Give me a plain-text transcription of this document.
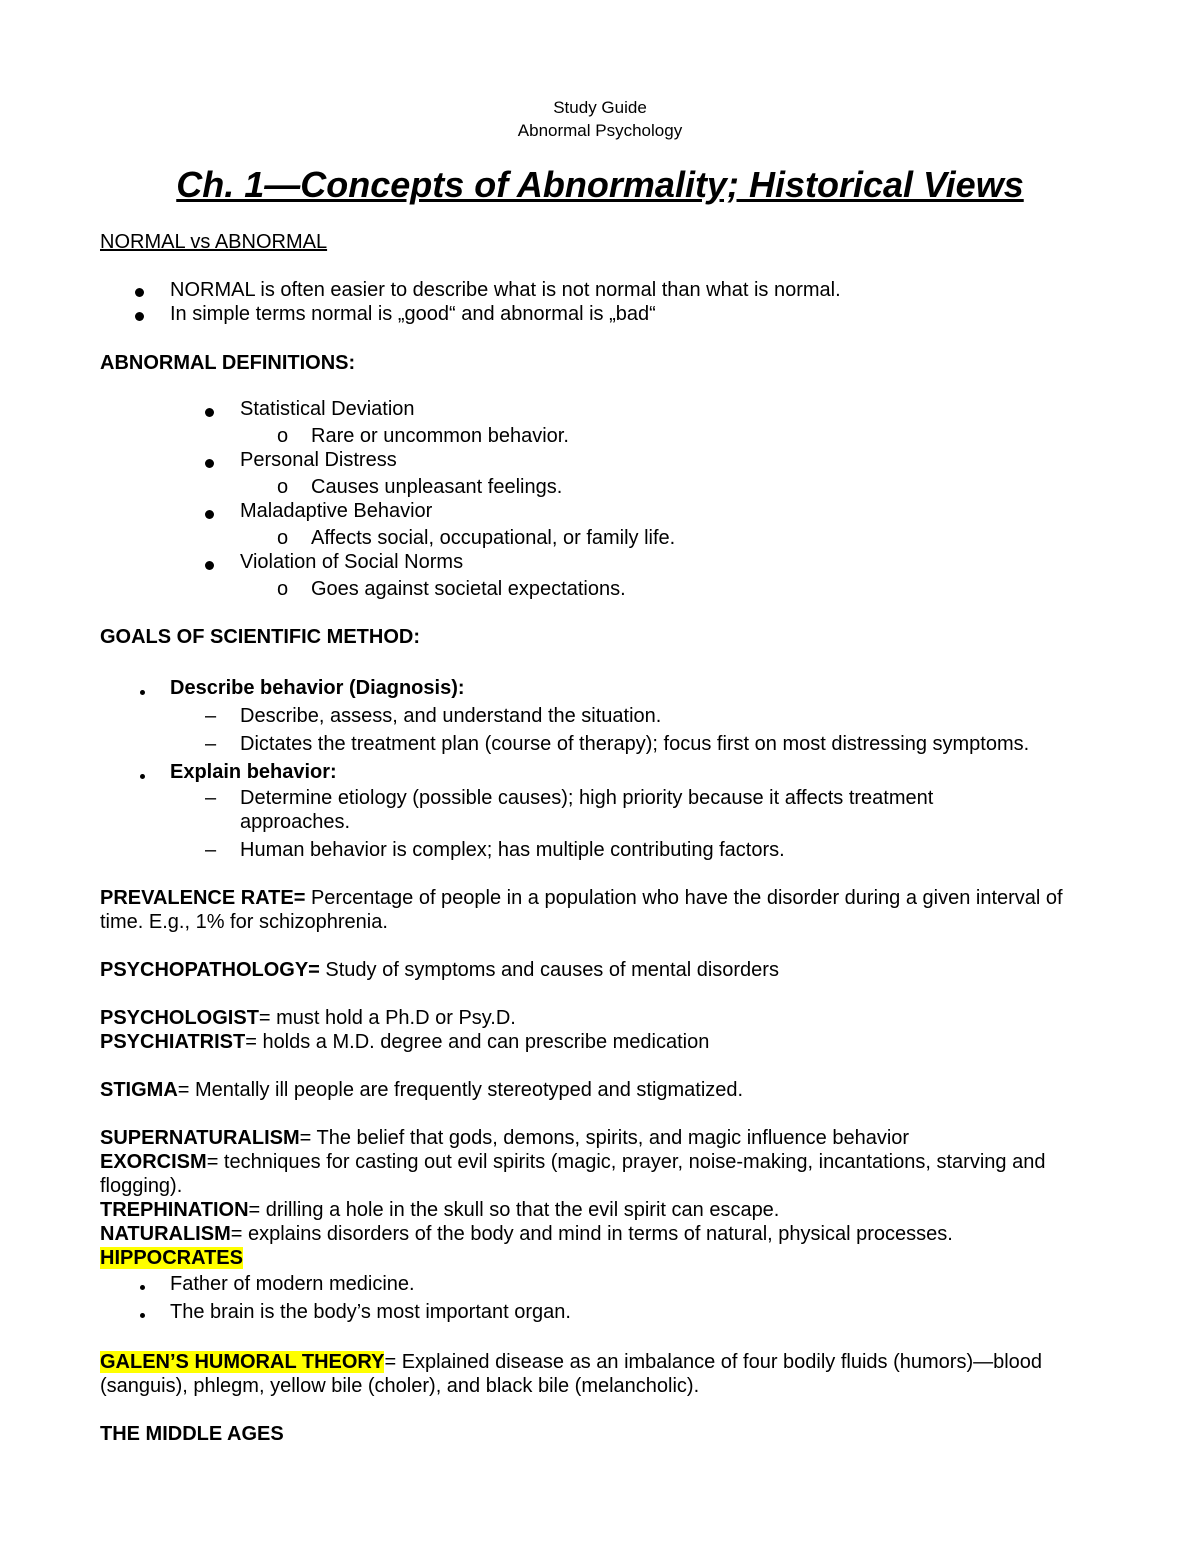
Study Guide
Abnormal Psychology
Ch. 1—Concepts of Abnormality; Historical Views
NORMAL vs ABNORMAL
NORMAL is often easier to describe what is not normal than what is normal.
In simple terms normal is „good“ and abnormal is „bad“
ABNORMAL DEFINITIONS:
Statistical Deviation
o Rare or uncommon behavior.
Personal Distress
o Causes unpleasant feelings.
Maladaptive Behavior
o Affects social, occupational, or family life.
Violation of Social Norms
o Goes against societal expectations.
GOALS OF SCIENTIFIC METHOD:
Describe behavior (Diagnosis):
– Describe, assess, and understand the situation.
– Dictates the treatment plan (course of therapy); focus first on most distressing symptoms.
Explain behavior:
– Determine etiology (possible causes); high priority because it affects treatment
approaches.
– Human behavior is complex; has multiple contributing factors.
PREVALENCE RATE= Percentage of people in a population who have the disorder during a given interval of
time. E.g., 1% for schizophrenia.
PSYCHOPATHOLOGY= Study of symptoms and causes of mental disorders
PSYCHOLOGIST= must hold a Ph.D or Psy.D.
PSYCHIATRIST= holds a M.D. degree and can prescribe medication
STIGMA= Mentally ill people are frequently stereotyped and stigmatized.
SUPERNATURALISM= The belief that gods, demons, spirits, and magic influence behavior
EXORCISM= techniques for casting out evil spirits (magic, prayer, noise-making, incantations, starving and
flogging).
TREPHINATION= drilling a hole in the skull so that the evil spirit can escape.
NATURALISM= explains disorders of the body and mind in terms of natural, physical processes.
HIPPOCRATES
Father of modern medicine.
The brain is the body’s most important organ.
GALEN’S HUMORAL THEORY= Explained disease as an imbalance of four bodily fluids (humors)—blood
(sanguis), phlegm, yellow bile (choler), and black bile (melancholic).
THE MIDDLE AGES
